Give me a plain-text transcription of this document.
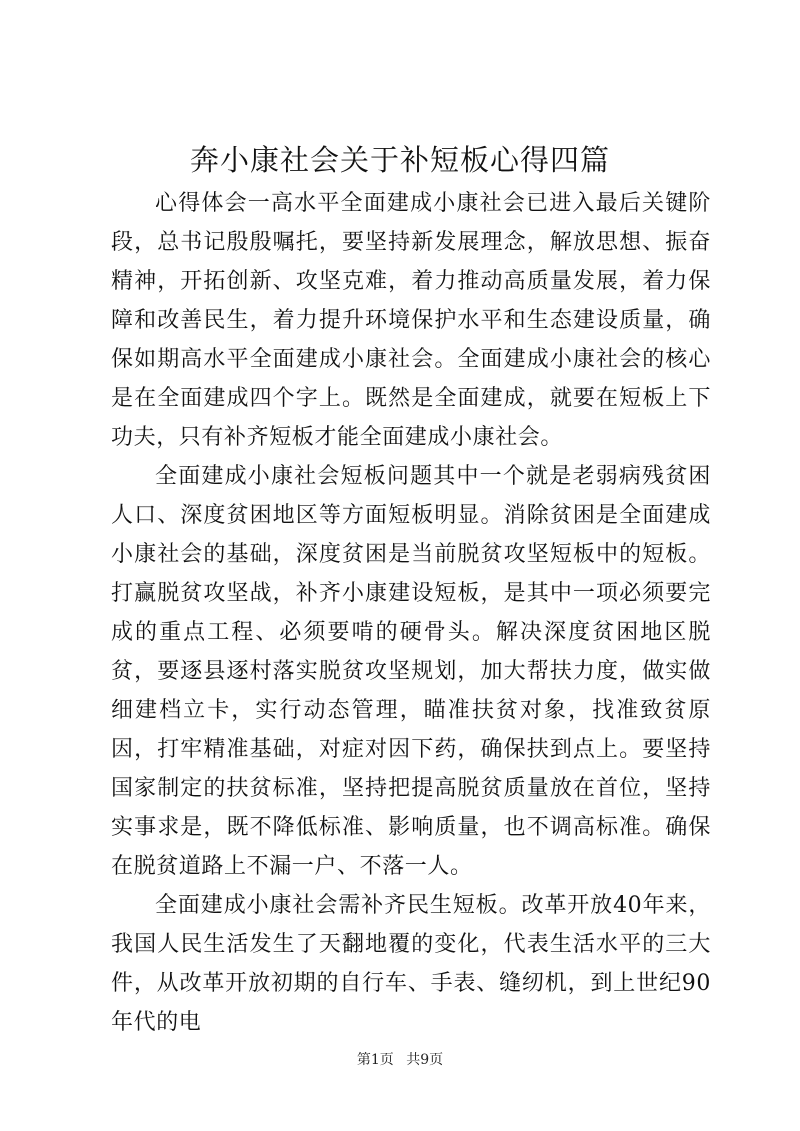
奔小康社会关于补短板心得四篇

心得体会一高水平全面建成小康社会已进入最后关键阶段，总书记殷殷嘱托，要坚持新发展理念，解放思想、振奋精神，开拓创新、攻坚克难，着力推动高质量发展，着力保障和改善民生，着力提升环境保护水平和生态建设质量，确保如期高水平全面建成小康社会。全面建成小康社会的核心是在全面建成四个字上。既然是全面建成，就要在短板上下功夫，只有补齐短板才能全面建成小康社会。

全面建成小康社会短板问题其中一个就是老弱病残贫困人口、深度贫困地区等方面短板明显。消除贫困是全面建成小康社会的基础，深度贫困是当前脱贫攻坚短板中的短板。打赢脱贫攻坚战，补齐小康建设短板，是其中一项必须要完成的重点工程、必须要啃的硬骨头。解决深度贫困地区脱贫，要逐县逐村落实脱贫攻坚规划，加大帮扶力度，做实做细建档立卡，实行动态管理，瞄准扶贫对象，找准致贫原因，打牢精准基础，对症对因下药，确保扶到点上。要坚持国家制定的扶贫标准，坚持把提高脱贫质量放在首位，坚持实事求是，既不降低标准、影响质量，也不调高标准。确保在脱贫道路上不漏一户、不落一人。

全面建成小康社会需补齐民生短板。改革开放40年来，我国人民生活发生了天翻地覆的变化，代表生活水平的三大件，从改革开放初期的自行车、手表、缝纫机，到上世纪90年代的电

第1页 共9页
